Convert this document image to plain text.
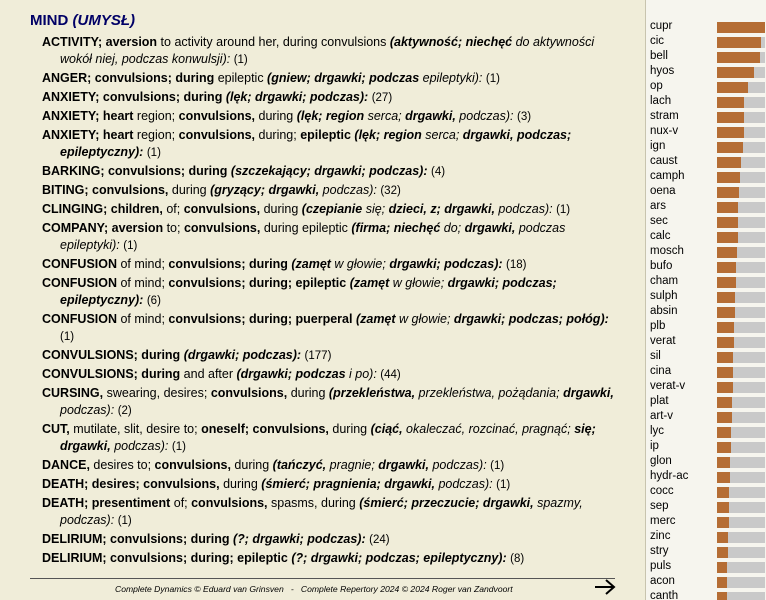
MIND (UMYSŁ)
ACTIVITY; aversion to activity around her, during convulsions (aktywność; niechęć do aktywności wokół niej, podczas konwulsji): (1)
ANGER; convulsions; during epileptic (gniew; drgawki; podczas epileptyki): (1)
ANXIETY; convulsions; during (lęk; drgawki; podczas): (27)
ANXIETY; heart region; convulsions, during (lęk; region serca; drgawki, podczas): (3)
ANXIETY; heart region; convulsions, during; epileptic (lęk; region serca; drgawki, podczas; epileptyczny): (1)
BARKING; convulsions; during (szczekający; drgawki; podczas): (4)
BITING; convulsions, during (gryzący; drgawki, podczas): (32)
CLINGING; children, of; convulsions, during (czepianie się; dzieci, z; drgawki, podczas): (1)
COMPANY; aversion to; convulsions, during epileptic (firma; niechęć do; drgawki, podczas epileptyki): (1)
CONFUSION of mind; convulsions; during (zamęt w głowie; drgawki; podczas): (18)
CONFUSION of mind; convulsions; during; epileptic (zamęt w głowie; drgawki; podczas; epileptyczny): (6)
CONFUSION of mind; convulsions; during; puerperal (zamęt w głowie; drgawki; podczas; połóg): (1)
CONVULSIONS; during (drgawki; podczas): (177)
CONVULSIONS; during and after (drgawki; podczas i po): (44)
CURSING, swearing, desires; convulsions, during (przekleństwa, przekleństwa, pożądania; drgawki, podczas): (2)
CUT, mutilate, slit, desire to; oneself; convulsions, during (ciąć, okaleczać, rozcinać, pragnąć; się; drgawki, podczas): (1)
DANCE, desires to; convulsions, during (tańczyć, pragnie; drgawki, podczas): (1)
DEATH; desires; convulsions, during (śmierć; pragnienia; drgawki, podczas): (1)
DEATH; presentiment of; convulsions, spasms, during (śmierć; przeczucie; drgawki, spazmy, podczas): (1)
DELIRIUM; convulsions; during (?; drgawki; podczas): (24)
DELIRIUM; convulsions; during; epileptic (?; drgawki; podczas; epileptyczny): (8)
Complete Dynamics © Eduard van Grinsven   -   Complete Repertory 2024 © 2024 Roger van Zandvoort
cupr
cic
bell
hyos
op
lach
stram
nux-v
ign
caust
camph
oena
ars
sec
calc
mosch
bufo
cham
sulph
absin
plb
verat
sil
cina
verat-v
plat
art-v
lyc
ip
glon
hydr-ac
cocc
sep
merc
zinc
stry
puls
acon
canth
